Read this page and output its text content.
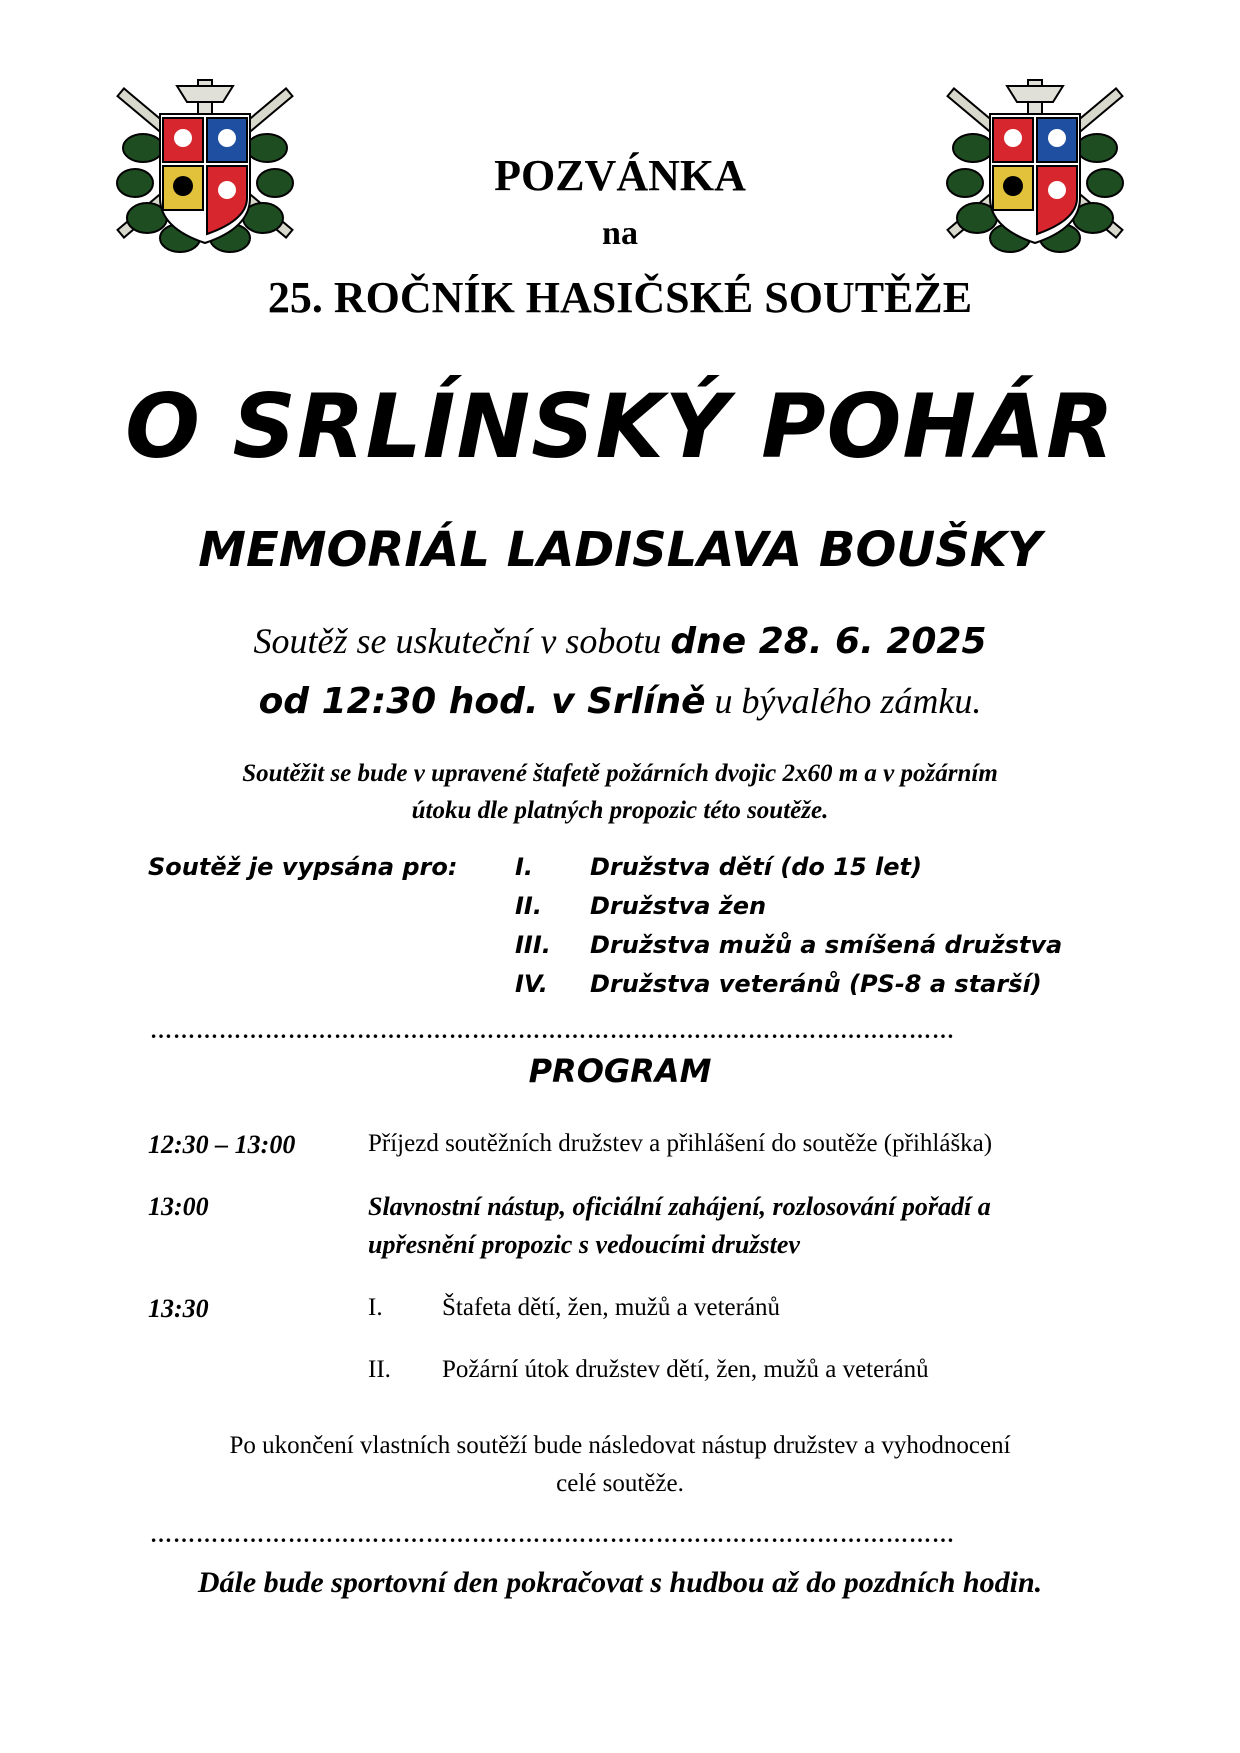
POZVÁNKA
na
25. ROČNÍK HASIČSKÉ SOUTĚŽE
O SRLÍNSKÝ POHÁR
MEMORIÁL LADISLAVA BOUŠKY
Soutěž se uskuteční v sobotu dne 28. 6. 2025
od 12:30 hod. v Srlíně u bývalého zámku.
Soutěžit se bude v upravené štafetě požárních dvojic 2x60 m a v požárním
útoku dle platných propozic této soutěže.
Soutěž je vypsána pro: I. Družstva dětí (do 15 let)
II. Družstva žen
III. Družstva mužů a smíšená družstva
IV. Družstva veteránů (PS-8 a starší)
……………………………………………………………………………………………
PROGRAM
12:30 – 13:00	Příjezd soutěžních družstev a přihlášení do soutěže (přihláška)
13:00	Slavnostní nástup, oficiální zahájení, rozlosování pořadí a
upřesnění propozic s vedoucími družstev
13:30	I. Štafeta dětí, žen, mužů a veteránů
II. Požární útok družstev dětí, žen, mužů a veteránů
Po ukončení vlastních soutěží bude následovat nástup družstev a vyhodnocení
celé soutěže.
……………………………………………………………………………………………
Dále bude sportovní den pokračovat s hudbou až do pozdních hodin.
